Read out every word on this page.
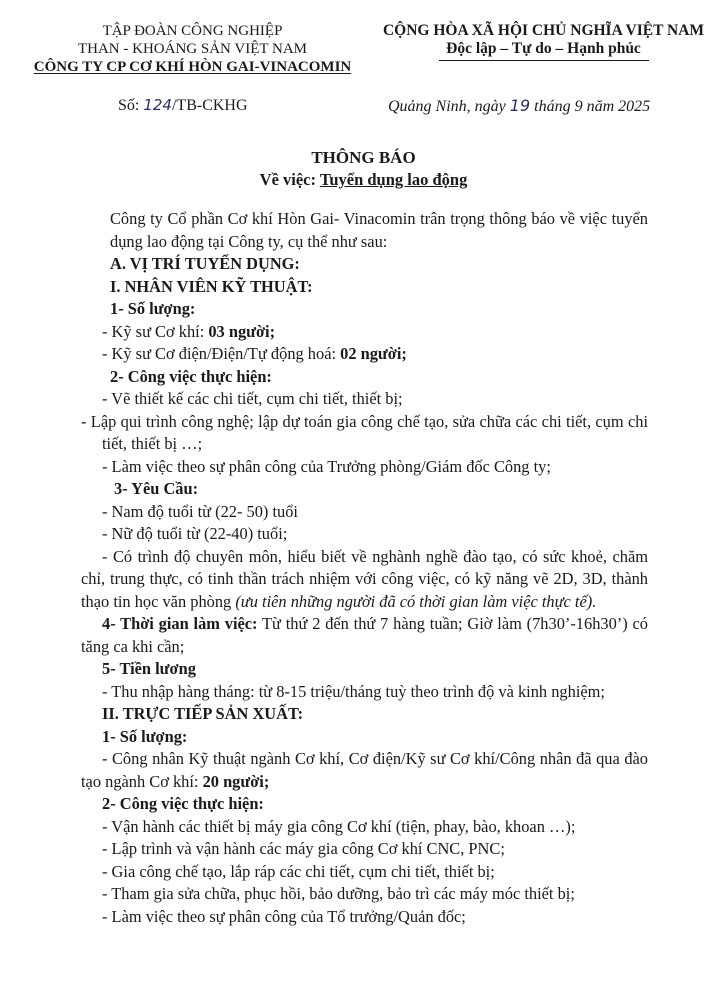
TẬP ĐOÀN CÔNG NGHIỆP
THAN - KHOÁNG SẢN VIỆT NAM
CÔNG TY CP CƠ KHÍ HÒN GAI-VINACOMIN
CỘNG HÒA XÃ HỘI CHỦ NGHĨA VIỆT NAM
Độc lập – Tự do – Hạnh phúc
Số: 124/TB-CKHG	Quảng Ninh, ngày 19 tháng 9 năm 2025
THÔNG BÁO
Về việc: Tuyển dụng lao động

Công ty Cổ phần Cơ khí Hòn Gai- Vinacomin trân trọng thông báo về việc tuyển dụng lao động tại Công ty, cụ thể như sau:

A. VỊ TRÍ TUYỂN DỤNG:

I. NHÂN VIÊN KỸ THUẬT:

1- Số lượng:

- Kỹ sư Cơ khí: 03 người;

- Kỹ sư Cơ điện/Điện/Tự động hoá: 02 người;

2- Công việc thực hiện:

- Vẽ thiết kế các chi tiết, cụm chi tiết, thiết bị;

- Lập qui trình công nghệ; lập dự toán gia công chế tạo, sửa chữa các chi tiết, cụm chi tiết, thiết bị …;

- Làm việc theo sự phân công của Trưởng phòng/Giám đốc Công ty;

3- Yêu Cầu:

- Nam độ tuổi từ (22- 50) tuổi

- Nữ độ tuổi từ (22-40) tuổi;

- Có trình độ chuyên môn, hiểu biết về nghành nghề đào tạo, có sức khoẻ, chăm chỉ, trung thực, có tinh thần trách nhiệm với công việc, có kỹ năng vẽ 2D, 3D, thành thạo tin học văn phòng (ưu tiên những người đã có thời gian làm việc thực tế).

4- Thời gian làm việc: Từ thứ 2 đến thứ 7 hàng tuần; Giờ làm (7h30’-16h30’) có tăng ca khi cần;

5- Tiền lương

- Thu nhập hàng tháng: từ 8-15 triệu/tháng tuỳ theo trình độ và kinh nghiệm;

II. TRỰC TIẾP SẢN XUẤT:

1- Số lượng:

- Công nhân Kỹ thuật ngành Cơ khí, Cơ điện/Kỹ sư Cơ khí/Công nhân đã qua đào tạo ngành Cơ khí: 20 người;

2- Công việc thực hiện:

- Vận hành các thiết bị máy gia công Cơ khí (tiện, phay, bào, khoan …);

- Lập trình và vận hành các máy gia công Cơ khí CNC, PNC;

- Gia công chế tạo, lắp ráp các chi tiết, cụm chi tiết, thiết bị;

- Tham gia sửa chữa, phục hồi, bảo dưỡng, bảo trì các máy móc thiết bị;

- Làm việc theo sự phân công của Tổ trưởng/Quản đốc;
